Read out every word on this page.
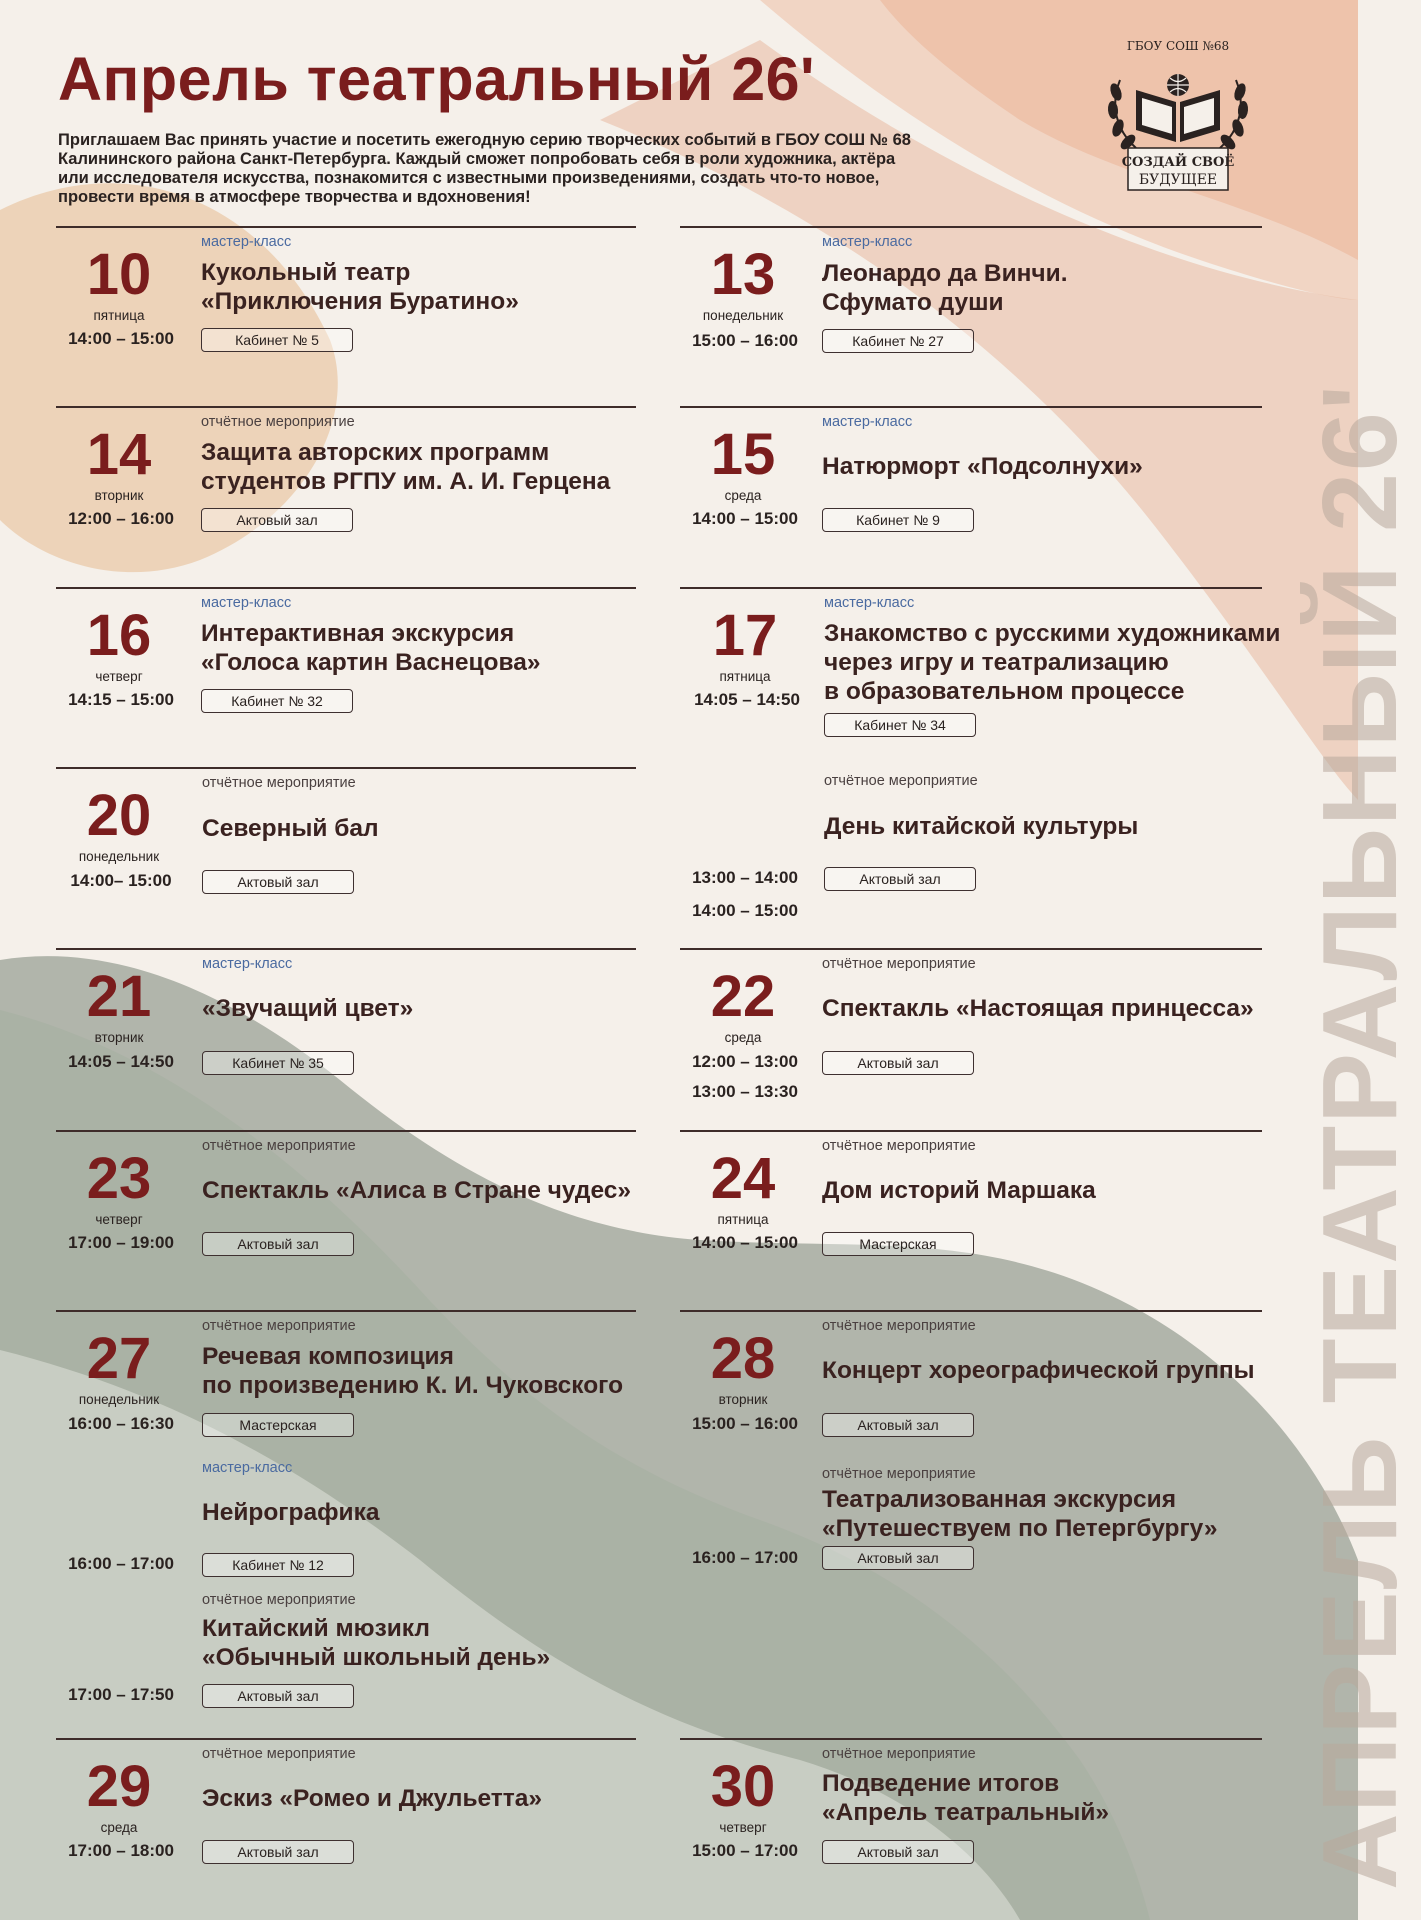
АПРЕЛЬ ТЕАТРАЛЬНЫЙ 26'
Апрель театральный 26'
Приглашаем Вас принять участие и посетить ежегодную серию творческих событий в ГБОУ СОШ № 68
Калининского района Санкт-Петербурга. Каждый сможет попробовать себя в роли художника, актёра
или исследователя искусства, познакомится с известными произведениями, создать что-то новое,
провести время в атмосфере творчества и вдохновения!
ГБОУ СОШ №68
СОЗДАЙ СВОЁ
БУДУЩЕЕ
10
пятница
14:00 – 15:00
мастер-класс
Кукольный театр
«Приключения Буратино»
Кабинет № 5
13
понедельник
15:00 – 16:00
мастер-класс
Леонардо да Винчи.
Сфумато души
Кабинет № 27
14
вторник
12:00 – 16:00
отчётное мероприятие
Защита авторских программ
студентов РГПУ им. А. И. Герцена
Актовый зал
15
среда
14:00 – 15:00
мастер-класс
Натюрморт «Подсолнухи»
Кабинет № 9
16
четверг
14:15 – 15:00
мастер-класс
Интерактивная экскурсия
«Голоса картин Васнецова»
Кабинет № 32
17
пятница
14:05 – 14:50
мастер-класс
Знакомство с русскими художниками
через игру и театрализацию
в образовательном процессе
Кабинет № 34
20
понедельник
14:00– 15:00
отчётное мероприятие
Северный бал
Актовый зал
отчётное мероприятие
День китайской культуры
13:00 – 14:00
14:00 – 15:00
Актовый зал
21
вторник
14:05 – 14:50
мастер-класс
«Звучащий цвет»
Кабинет № 35
22
среда
12:00 – 13:00
13:00 – 13:30
отчётное мероприятие
Спектакль «Настоящая принцесса»
Актовый зал
23
четверг
17:00 – 19:00
отчётное мероприятие
Спектакль «Алиса в Стране чудес»
Актовый зал
24
пятница
14:00 – 15:00
отчётное мероприятие
Дом историй Маршака
Мастерская
27
понедельник
16:00 – 16:30
отчётное мероприятие
Речевая композиция
по произведению К. И. Чуковского
Мастерская
28
вторник
15:00 – 16:00
отчётное мероприятие
Концерт хореографической группы
Актовый зал
мастер-класс
Нейрографика
16:00 – 17:00	Кабинет № 12
отчётное мероприятие
Театрализованная экскурсия
«Путешествуем по Петергбургу»
16:00 – 17:00	Актовый зал
отчётное мероприятие
Китайский мюзикл
«Обычный школьный день»
17:00 – 17:50	Актовый зал
29
среда
17:00 – 18:00
отчётное мероприятие
Эскиз «Ромео и Джульетта»
Актовый зал
30
четверг
15:00 – 17:00
отчётное мероприятие
Подведение итогов
«Апрель театральный»
Актовый зал
